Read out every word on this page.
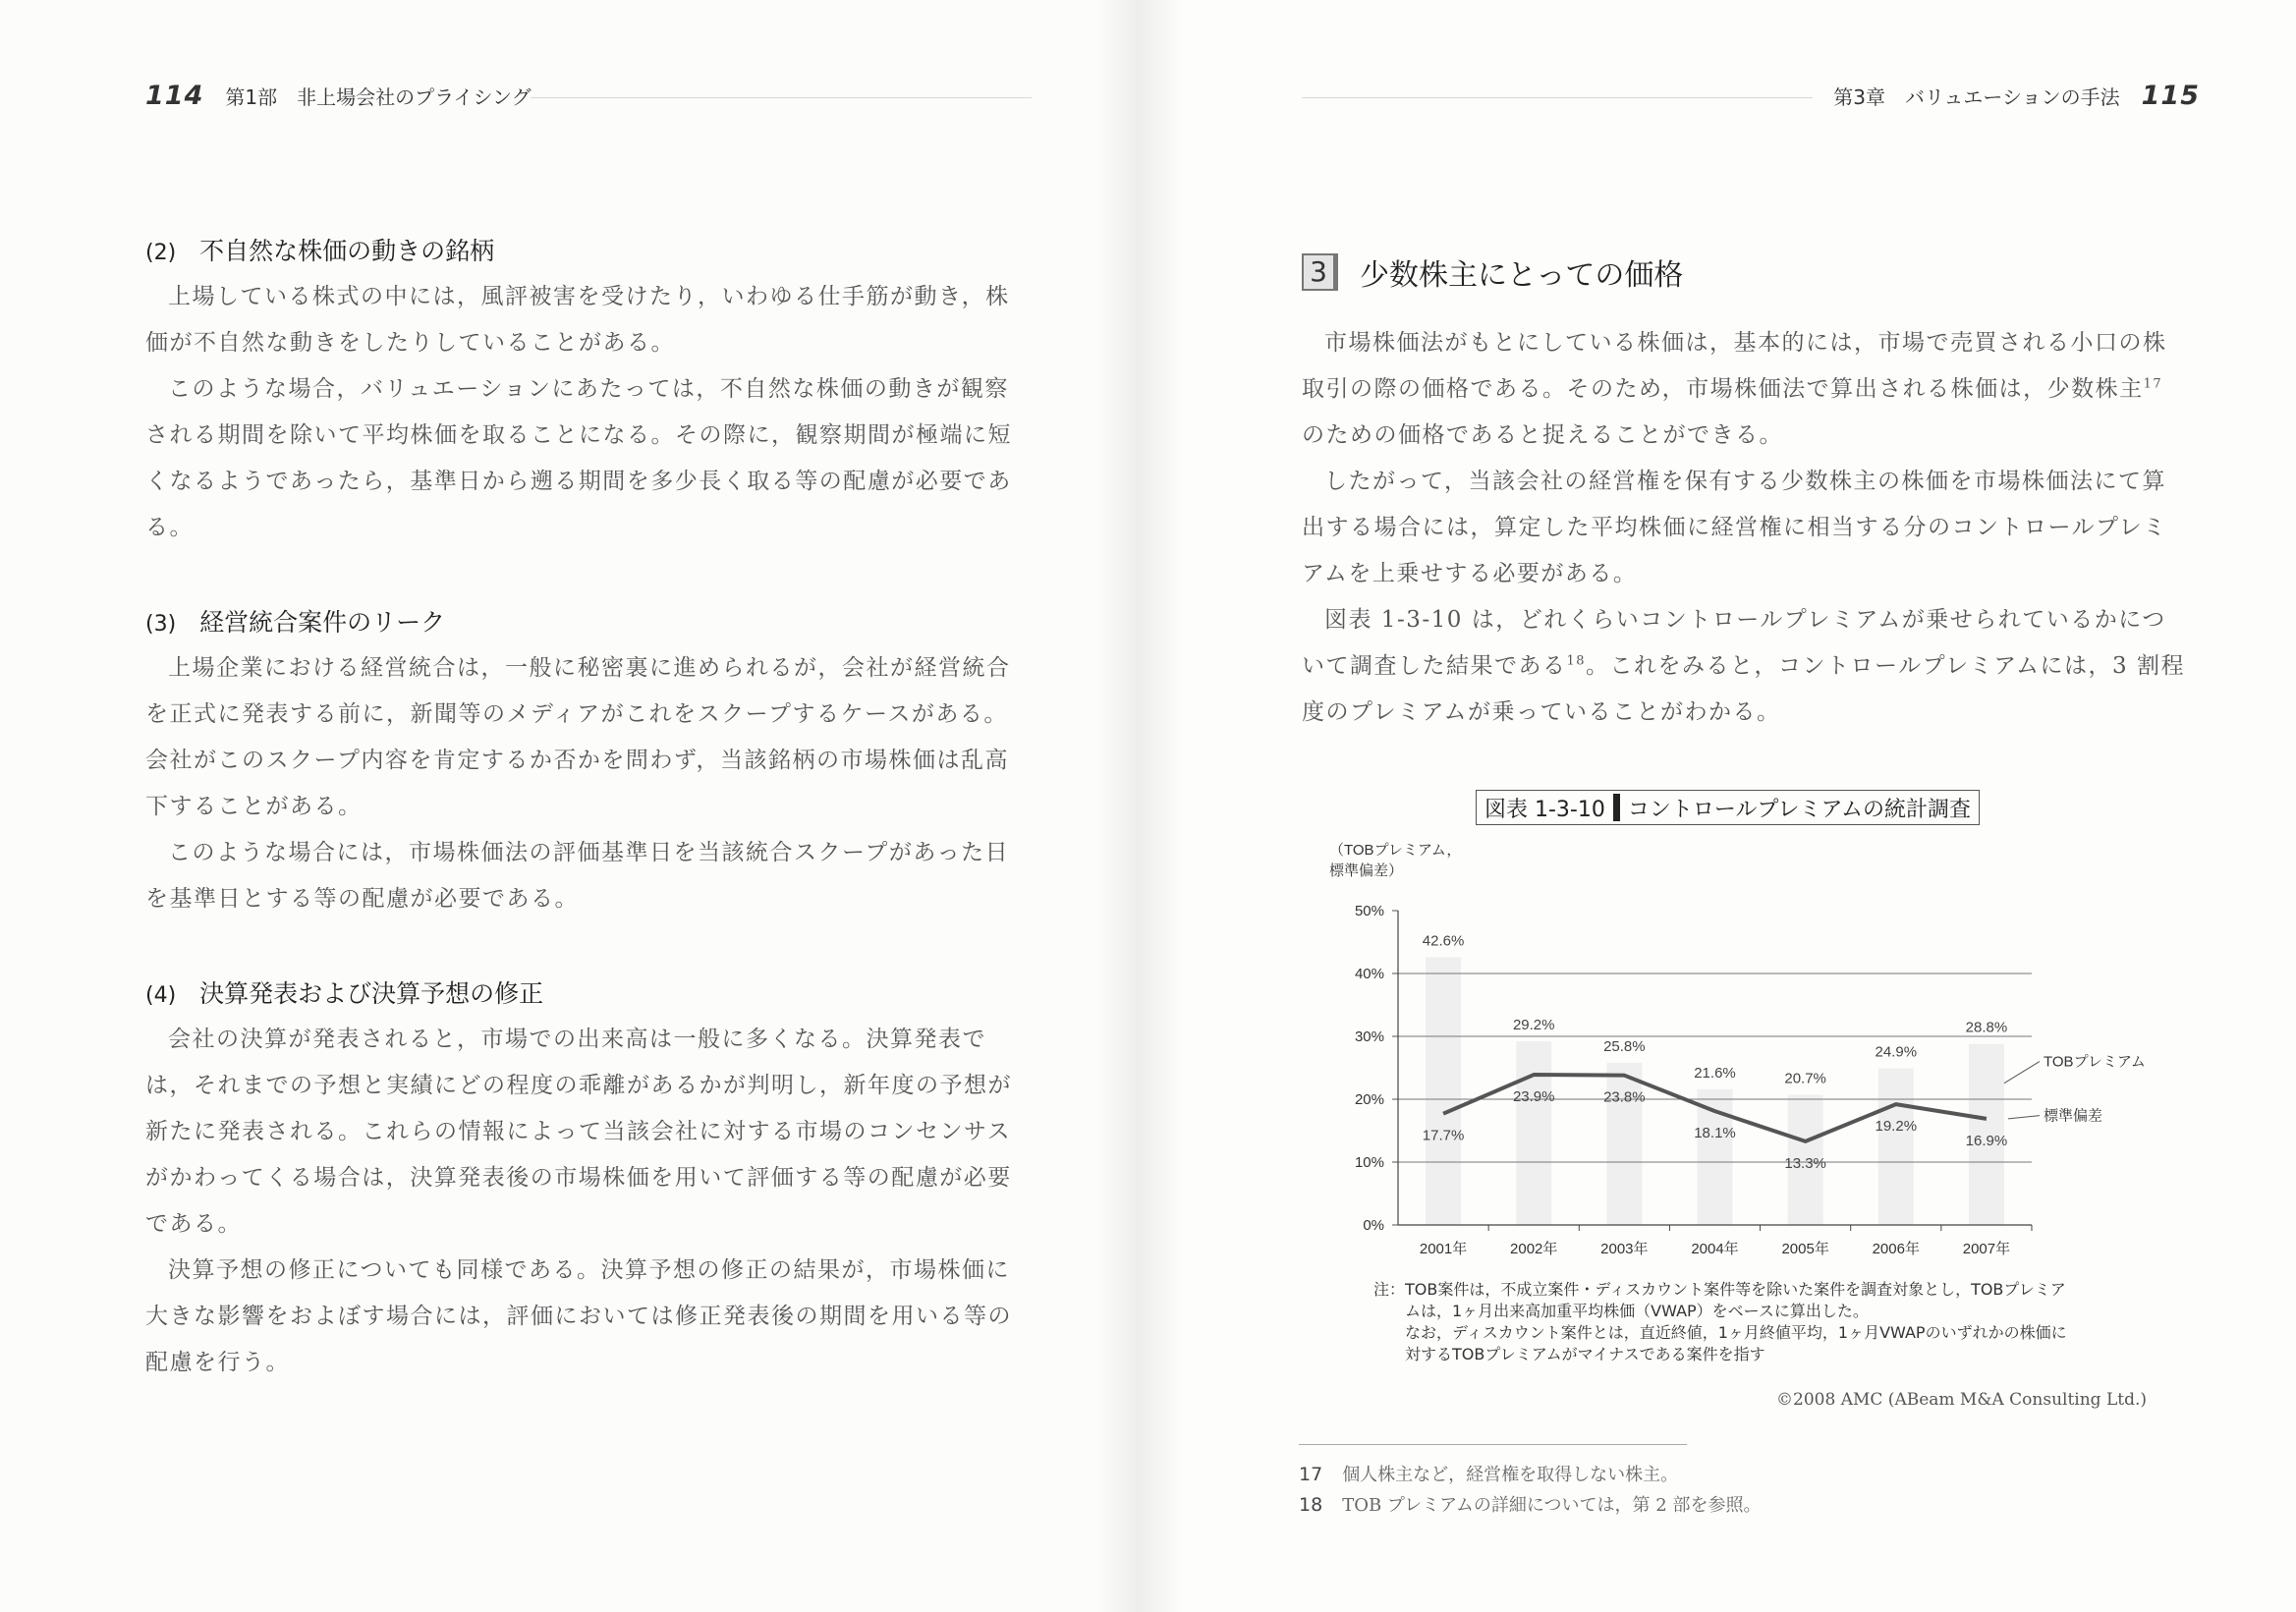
114 第1部　非上場会社のプライシング
(2) 不自然な株価の動きの銘柄
上場している株式の中には，風評被害を受けたり，いわゆる仕手筋が動き，株価が不自然な動きをしたりしていることがある。
このような場合，バリュエーションにあたっては，不自然な株価の動きが観察される期間を除いて平均株価を取ることになる。その際に，観察期間が極端に短くなるようであったら，基準日から遡る期間を多少長く取る等の配慮が必要である。
(3) 経営統合案件のリーク
上場企業における経営統合は，一般に秘密裏に進められるが，会社が経営統合を正式に発表する前に，新聞等のメディアがこれをスクープするケースがある。会社がこのスクープ内容を肯定するか否かを問わず，当該銘柄の市場株価は乱高下することがある。
このような場合には，市場株価法の評価基準日を当該統合スクープがあった日を基準日とする等の配慮が必要である。
(4) 決算発表および決算予想の修正
会社の決算が発表されると，市場での出来高は一般に多くなる。決算発表では，それまでの予想と実績にどの程度の乖離があるかが判明し，新年度の予想が新たに発表される。これらの情報によって当該会社に対する市場のコンセンサスがかわってくる場合は，決算発表後の市場株価を用いて評価する等の配慮が必要である。
決算予想の修正についても同様である。決算予想の修正の結果が，市場株価に大きな影響をおよぼす場合には，評価においては修正発表後の期間を用いる等の配慮を行う。
第3章　バリュエーションの手法 115
3	少数株主にとっての価格
市場株価法がもとにしている株価は，基本的には，市場で売買される小口の株取引の際の価格である。そのため，市場株価法で算出される株価は，少数株主$^{17}$のための価格であると捉えることができる。
したがって，当該会社の経営権を保有する少数株主の株価を市場株価法にて算出する場合には，算定した平均株価に経営権に相当する分のコントロールプレミアムを上乗せする必要がある。
図表 1-3-10 は，どれくらいコントロールプレミアムが乗せられているかについて調査した結果である$^{18}$。これをみると，コントロールプレミアムには，3 割程度のプレミアムが乗っていることがわかる。
図表 1-3-10 コントロールプレミアムの統計調査
（TOBプレミアム，
標準偏差）
0%
10%
20%
30%
40%
50%
2001年	2002年	2003年	2004年	2005年	2006年	2007年
42.6%
29.2%
25.8%
21.6%	20.7%
24.9%
28.8%
17.7%
23.9%	23.8%
18.1%
13.3%
19.2%
16.9%
TOBプレミアム
標準偏差
注：TOB案件は，不成立案件・ディスカウント案件等を除いた案件を調査対象とし，TOBプレミア
ムは，1ヶ月出来高加重平均株価（VWAP）をベースに算出した。
なお，ディスカウント案件とは，直近終値，1ヶ月終値平均，1ヶ月VWAPのいずれかの株価に
対するTOBプレミアムがマイナスである案件を指す
©2008 AMC (ABeam M&A Consulting Ltd.)
17 個人株主など，経営権を取得しない株主。
18 TOB プレミアムの詳細については，第 2 部を参照。
